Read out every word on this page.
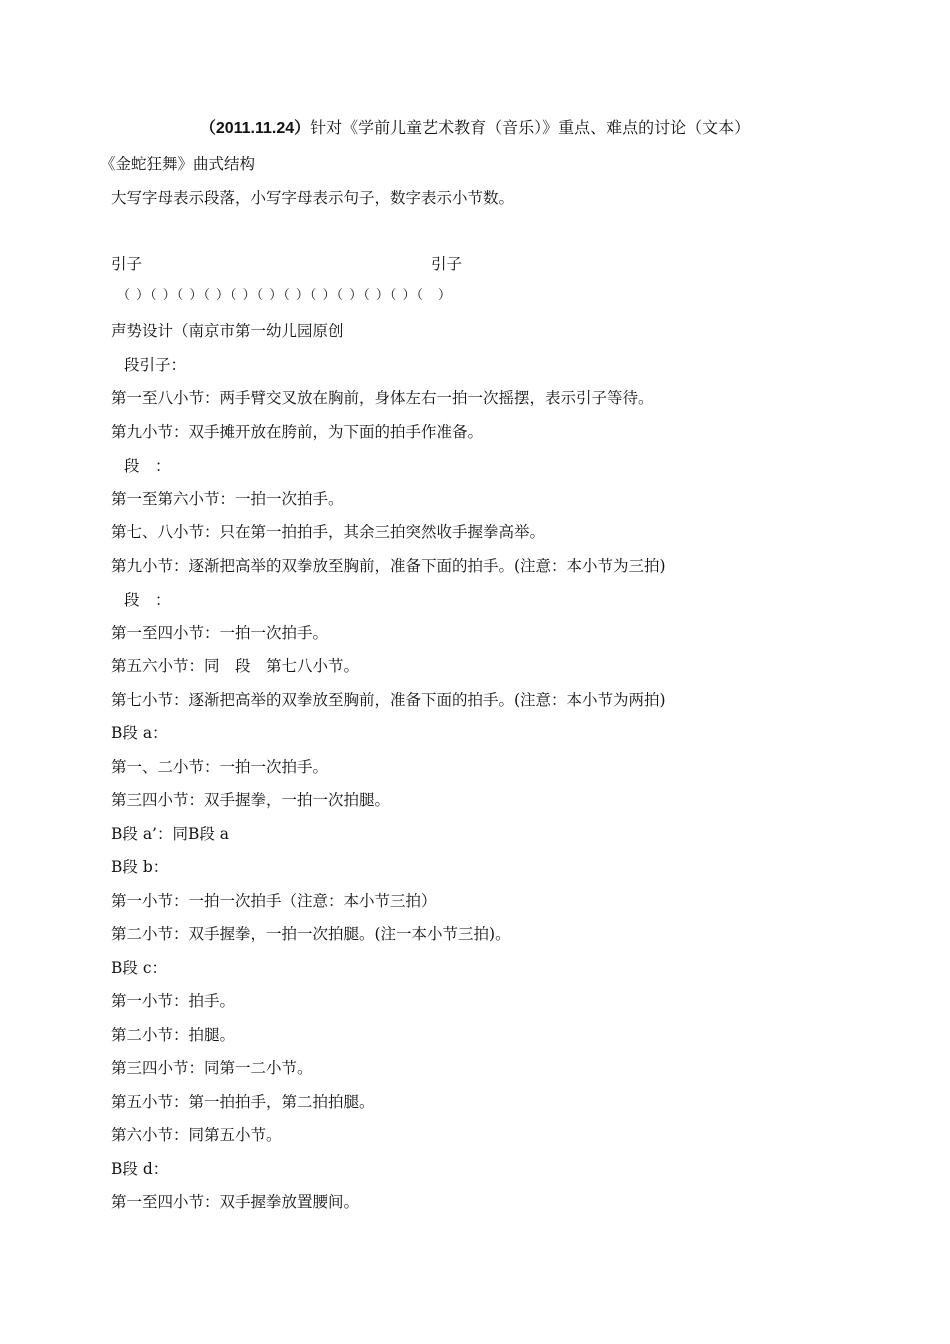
（2011.11.24）针对《学前儿童艺术教育（音乐）》重点、难点的讨论（文本）
《金蛇狂舞》曲式结构
大写字母表示段落，小写字母表示句子，数字表示小节数。
引子	引子
（ ）（ ）（ ）（ ）（ ）（ ）（ ）（ ）（ ）（ ）（ ）（　）
声势设计（南京市第一幼儿园原创
段引子：
第一至八小节：两手臂交叉放在胸前，身体左右一拍一次摇摆，表示引子等待。
第九小节：双手摊开放在胯前，为下面的拍手作准备。
段　：
第一至第六小节：一拍一次拍手。
第七、八小节：只在第一拍拍手，其余三拍突然收手握拳高举。
第九小节：逐渐把高举的双拳放至胸前，准备下面的拍手。(注意：本小节为三拍)
段　：
第一至四小节：一拍一次拍手。
第五六小节：同　段　第七八小节。
第七小节：逐渐把高举的双拳放至胸前，准备下面的拍手。(注意：本小节为两拍)
B段 a：
第一、二小节：一拍一次拍手。
第三四小节：双手握拳，一拍一次拍腿。
B段 a’：同B段 a
B段 b：
第一小节：一拍一次拍手（注意：本小节三拍）
第二小节：双手握拳，一拍一次拍腿。(注一本小节三拍)。
B段 c：
第一小节：拍手。
第二小节：拍腿。
第三四小节：同第一二小节。
第五小节：第一拍拍手，第二拍拍腿。
第六小节：同第五小节。
B段 d：
第一至四小节：双手握拳放置腰间。
